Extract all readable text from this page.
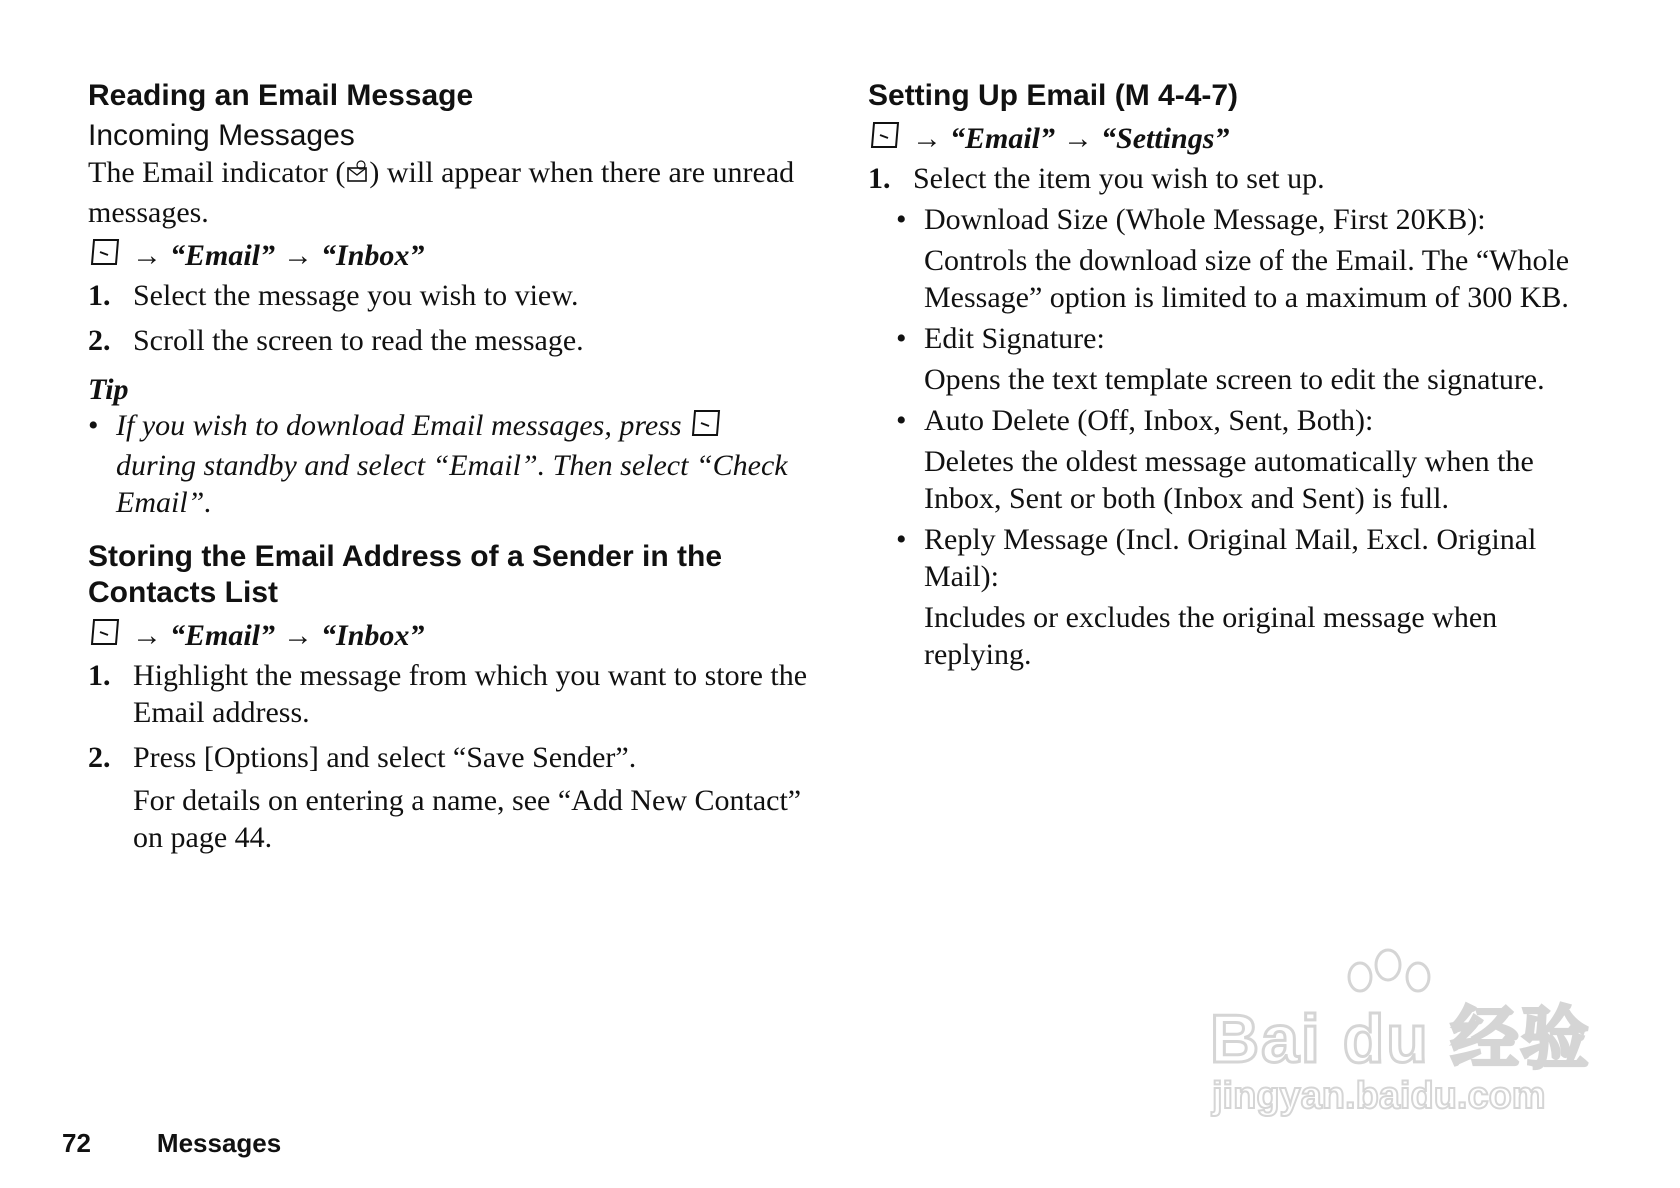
Reading an Email Message
Incoming Messages

The Email indicator ( ) will appear when there are unread messages.

→ “Email” → “Inbox”
1. Select the message you wish to view.
2. Scroll the screen to read the message.
Tip
• If you wish to download Email messages, press  during standby and select “Email”. Then select “Check Email”.
Storing the Email Address of a Sender in the Contacts List
→ “Email” → “Inbox”
1. Highlight the message from which you want to store the Email address.
2. Press [Options] and select “Save Sender”.
For details on entering a name, see “Add New Contact” on page 44.
Setting Up Email (M 4-4-7)
→ “Email” → “Settings”
1. Select the item you wish to set up.
• Download Size (Whole Message, First 20KB):
Controls the download size of the Email. The “Whole Message” option is limited to a maximum of 300 KB.
• Edit Signature:
Opens the text template screen to edit the signature.
• Auto Delete (Off, Inbox, Sent, Both):
Deletes the oldest message automatically when the Inbox, Sent or both (Inbox and Sent) is full.
• Reply Message (Incl. Original Mail, Excl. Original Mail):
Includes or excludes the original message when replying.
Bai du 经验
jingyan.baidu.com
72	Messages
